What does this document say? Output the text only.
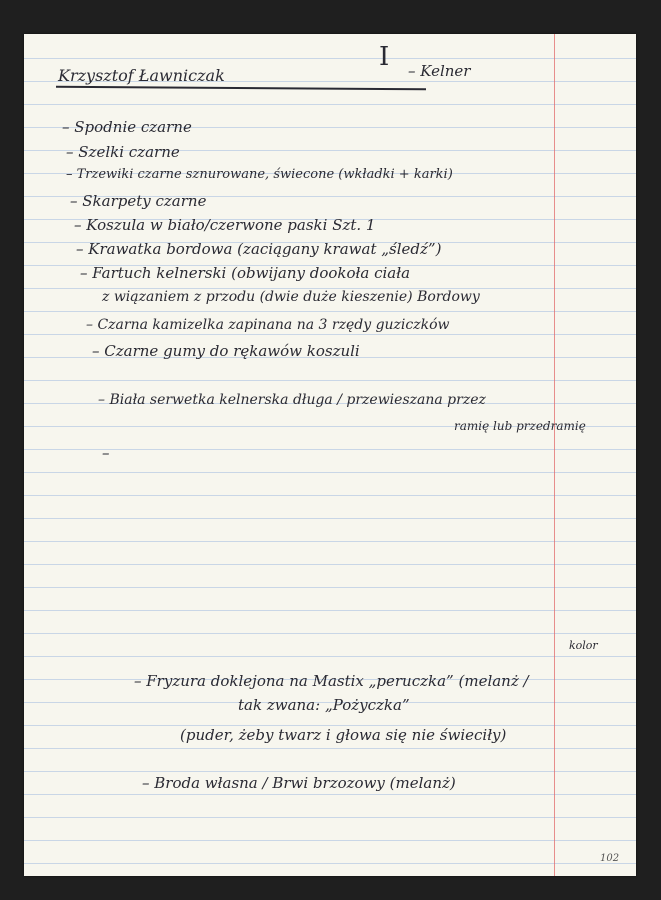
Krzysztof Ławniczak
I – Kelner
– Spodnie czarne
– Szelki czarne
– Trzewiki czarne sznurowane, świecone (wkładki + karki)
– Skarpety czarne
– Koszula w biało/czerwone paski Szt. 1
– Krawatka bordowa (zaciągany krawat „śledź”)
– Fartuch kelnerski (obwijany dookoła ciała
z wiązaniem z przodu (dwie duże kieszenie) Bordowy
– Czarna kamizelka zapinana na 3 rzędy guziczków
– Czarne gumy do rękawów koszuli
– Biała serwetka kelnerska długa / przewieszana przez
ramię lub przedramię
–
kolor
– Fryzura doklejona na Mastix „peruczka” (melanż /
tak zwana: „Pożyczka”
(puder, żeby twarz i głowa się nie świeciły)
– Broda własna / Brwi brzozowy (melanż)
102
